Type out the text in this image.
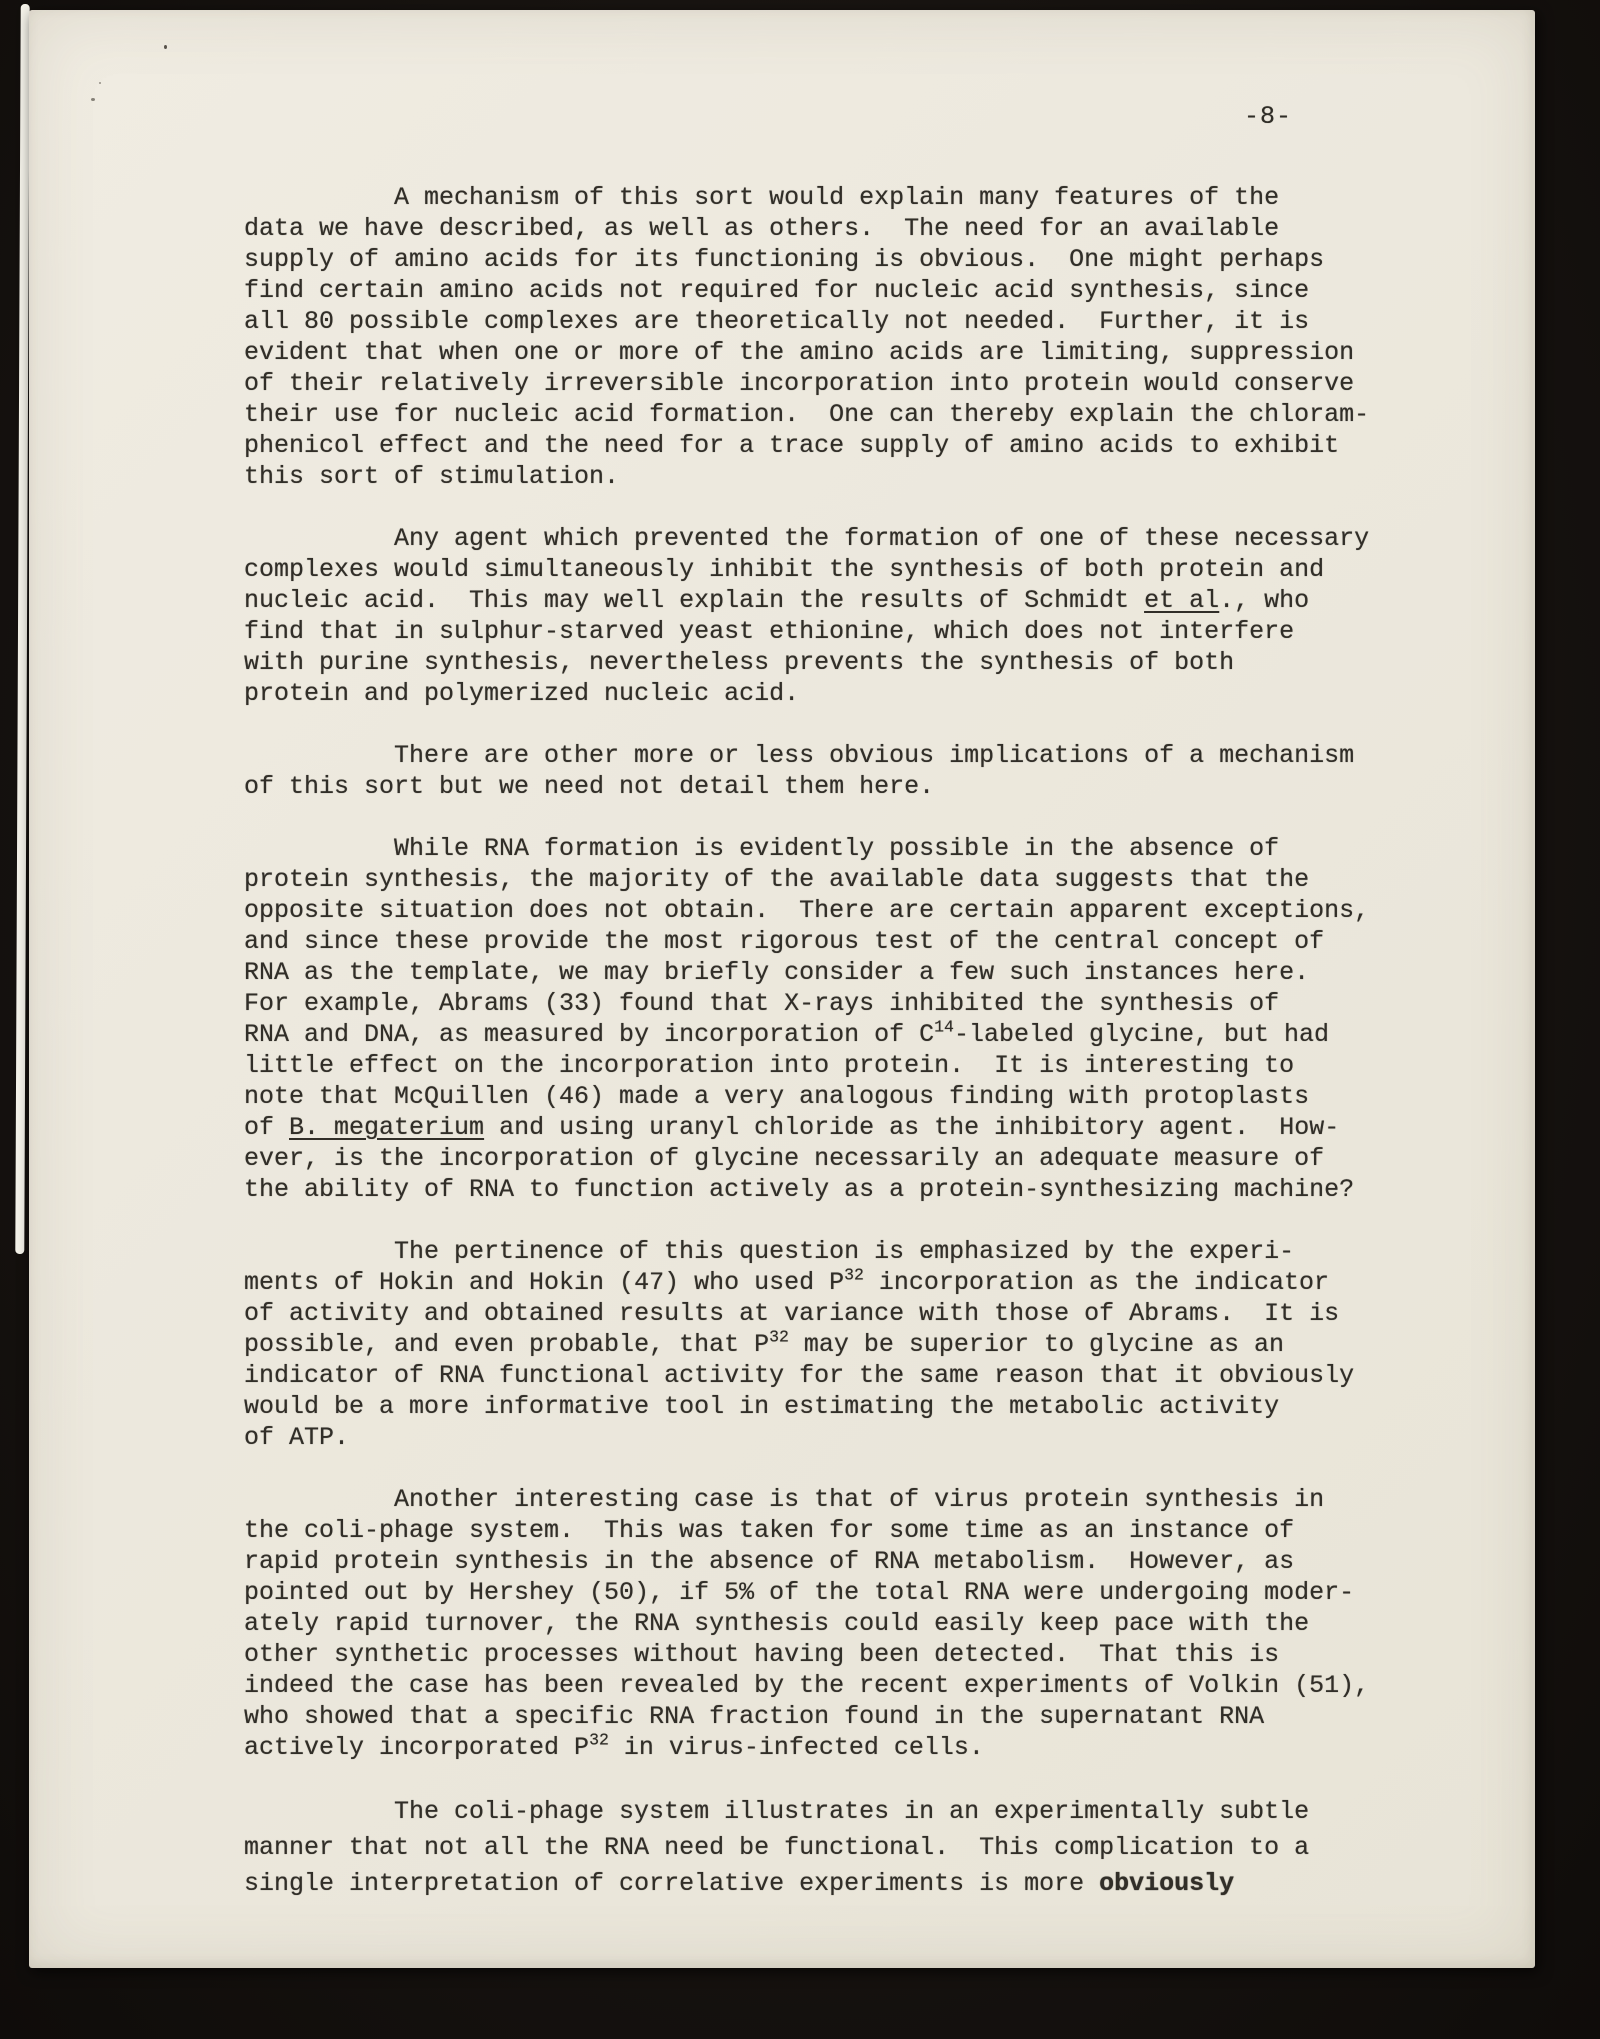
-8-

A mechanism of this sort would explain many features of the
data we have described, as well as others.  The need for an available
supply of amino acids for its functioning is obvious.  One might perhaps
find certain amino acids not required for nucleic acid synthesis, since
all 80 possible complexes are theoretically not needed.  Further, it is
evident that when one or more of the amino acids are limiting, suppression
of their relatively irreversible incorporation into protein would conserve
their use for nucleic acid formation.  One can thereby explain the chloram-
phenicol effect and the need for a trace supply of amino acids to exhibit
this sort of stimulation.

Any agent which prevented the formation of one of these necessary
complexes would simultaneously inhibit the synthesis of both protein and
nucleic acid.  This may well explain the results of Schmidt et al., who
find that in sulphur-starved yeast ethionine, which does not interfere
with purine synthesis, nevertheless prevents the synthesis of both
protein and polymerized nucleic acid.

There are other more or less obvious implications of a mechanism
of this sort but we need not detail them here.

While RNA formation is evidently possible in the absence of
protein synthesis, the majority of the available data suggests that the
opposite situation does not obtain.  There are certain apparent exceptions,
and since these provide the most rigorous test of the central concept of
RNA as the template, we may briefly consider a few such instances here.
For example, Abrams (33) found that X-rays inhibited the synthesis of
RNA and DNA, as measured by incorporation of $C^{14}$-labeled glycine, but had
little effect on the incorporation into protein.  It is interesting to
note that McQuillen (46) made a very analogous finding with protoplasts
of B. megaterium and using uranyl chloride as the inhibitory agent.  How-
ever, is the incorporation of glycine necessarily an adequate measure of
the ability of RNA to function actively as a protein-synthesizing machine?

The pertinence of this question is emphasized by the experi-
ments of Hokin and Hokin (47) who used $P^{32}$ incorporation as the indicator
of activity and obtained results at variance with those of Abrams.  It is
possible, and even probable, that $P^{32}$ may be superior to glycine as an
indicator of RNA functional activity for the same reason that it obviously
would be a more informative tool in estimating the metabolic activity
of ATP.

Another interesting case is that of virus protein synthesis in
the coli-phage system.  This was taken for some time as an instance of
rapid protein synthesis in the absence of RNA metabolism.  However, as
pointed out by Hershey (50), if 5% of the total RNA were undergoing moder-
ately rapid turnover, the RNA synthesis could easily keep pace with the
other synthetic processes without having been detected.  That this is
indeed the case has been revealed by the recent experiments of Volkin (51),
who showed that a specific RNA fraction found in the supernatant RNA
actively incorporated $P^{32}$ in virus-infected cells.

The coli-phage system illustrates in an experimentally subtle
manner that not all the RNA need be functional.  This complication to a
single interpretation of correlative experiments is more obviously
